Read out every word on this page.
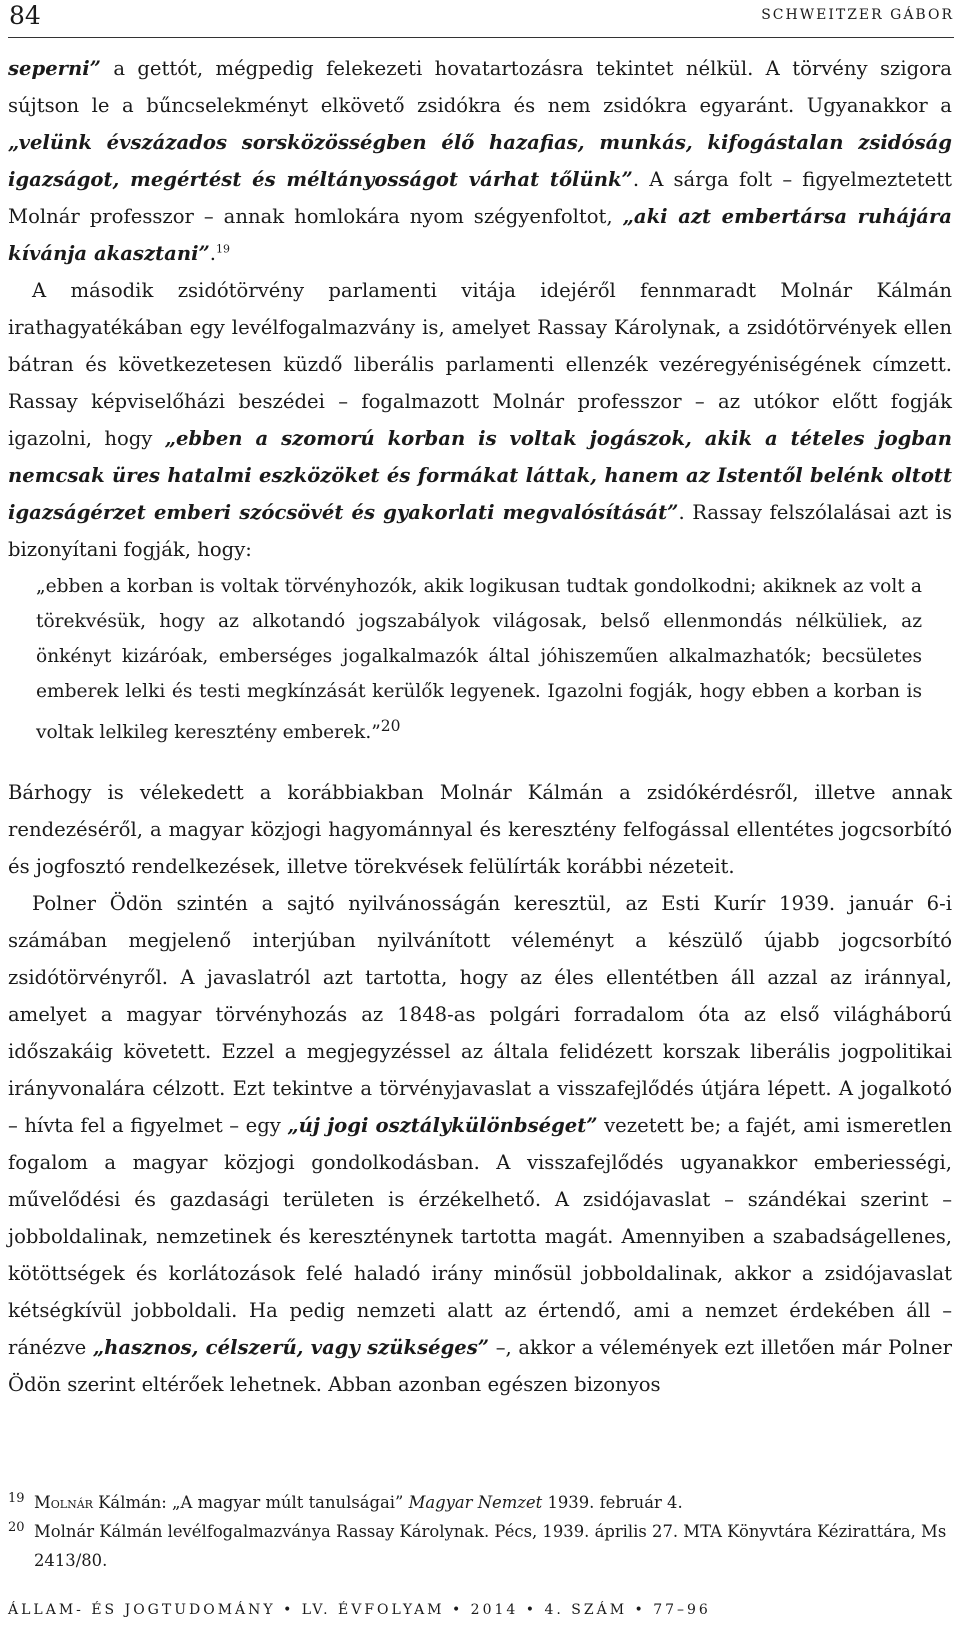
84	SCHWEITZER GÁBOR

seperni” a gettót, mégpedig felekezeti hovatartozásra tekintet nélkül. A törvény szigora sújtson le a bűncselekményt elkövető zsidókra és nem zsidókra egyaránt. Ugyanakkor a „velünk évszázados sorsközösségben élő hazafias, munkás, kifogástalan zsidóság igazságot, megértést és méltányosságot várhat tőlünk”. A sárga folt – figyelmeztetett Molnár professzor – annak homlokára nyom szégyenfoltot, „aki azt embertársa ruhájára kívánja akasztani”.$^{19}$

A második zsidótörvény parlamenti vitája idejéről fennmaradt Molnár Kálmán irathagyatékában egy levélfogalmazvány is, amelyet Rassay Károlynak, a zsidótörvények ellen bátran és következetesen küzdő liberális parlamenti ellenzék vezéregyéniségének címzett. Rassay képviselőházi beszédei – fogalmazott Molnár professzor – az utókor előtt fogják igazolni, hogy „ebben a szomorú korban is voltak jogászok, akik a tételes jogban nemcsak üres hatalmi eszközöket és formákat láttak, hanem az Istentől belénk oltott igazságérzet emberi szócsövét és gyakorlati megvalósítását”. Rassay felszólalásai azt is bizonyítani fogják, hogy:

„ebben a korban is voltak törvényhozók, akik logikusan tudtak gondolkodni; akiknek az volt a törekvésük, hogy az alkotandó jogszabályok világosak, belső ellenmondás nélküliek, az önkényt kizáróak, emberséges jogalkalmazók által jóhiszeműen alkalmazhatók; becsületes emberek lelki és testi megkínzását kerülők legyenek. Igazolni fogják, hogy ebben a korban is voltak lelkileg keresztény emberek.”$^{20}$

Bárhogy is vélekedett a korábbiakban Molnár Kálmán a zsidókérdésről, illetve annak rendezéséről, a magyar közjogi hagyománnyal és keresztény felfogással ellentétes jogcsorbító és jogfosztó rendelkezések, illetve törekvések felülírták korábbi nézeteit.

Polner Ödön szintén a sajtó nyilvánosságán keresztül, az Esti Kurír 1939. január 6-i számában megjelenő interjúban nyilvánított véleményt a készülő újabb jogcsorbító zsidótörvényről. A javaslatról azt tartotta, hogy az éles ellentétben áll azzal az iránnyal, amelyet a magyar törvényhozás az 1848-as polgári forradalom óta az első világháború időszakáig követett. Ezzel a megjegyzéssel az általa felidézett korszak liberális jogpolitikai irányvonalára célzott. Ezt tekintve a törvényjavaslat a visszafejlődés útjára lépett. A jogalkotó – hívta fel a figyelmet – egy „új jogi osztálykülönbséget” vezetett be; a fajét, ami ismeretlen fogalom a magyar közjogi gondolkodásban. A visszafejlődés ugyanakkor emberiességi, művelődési és gazdasági területen is érzékelhető. A zsidójavaslat – szándékai szerint – jobboldalinak, nemzetinek és kereszténynek tartotta magát. Amennyiben a szabadságellenes, kötöttségek és korlátozások felé haladó irány minősül jobboldalinak, akkor a zsidójavaslat kétségkívül jobboldali. Ha pedig nemzeti alatt az értendő, ami a nemzet érdekében áll – ránézve „hasznos, célszerű, vagy szükséges” –, akkor a vélemények ezt illetően már Polner Ödön szerint eltérőek lehetnek. Abban azonban egészen bizonyos

19 Molnár Kálmán: „A magyar múlt tanulságai” Magyar Nemzet 1939. február 4.
20 Molnár Kálmán levélfogalmazványa Rassay Károlynak. Pécs, 1939. április 27. MTA Könyvtára Kézirattára, Ms 2413/80.
ÁLLAM- ÉS JOGTUDOMÁNY • LV. ÉVFOLYAM • 2014 • 4. SZÁM • 77–96
